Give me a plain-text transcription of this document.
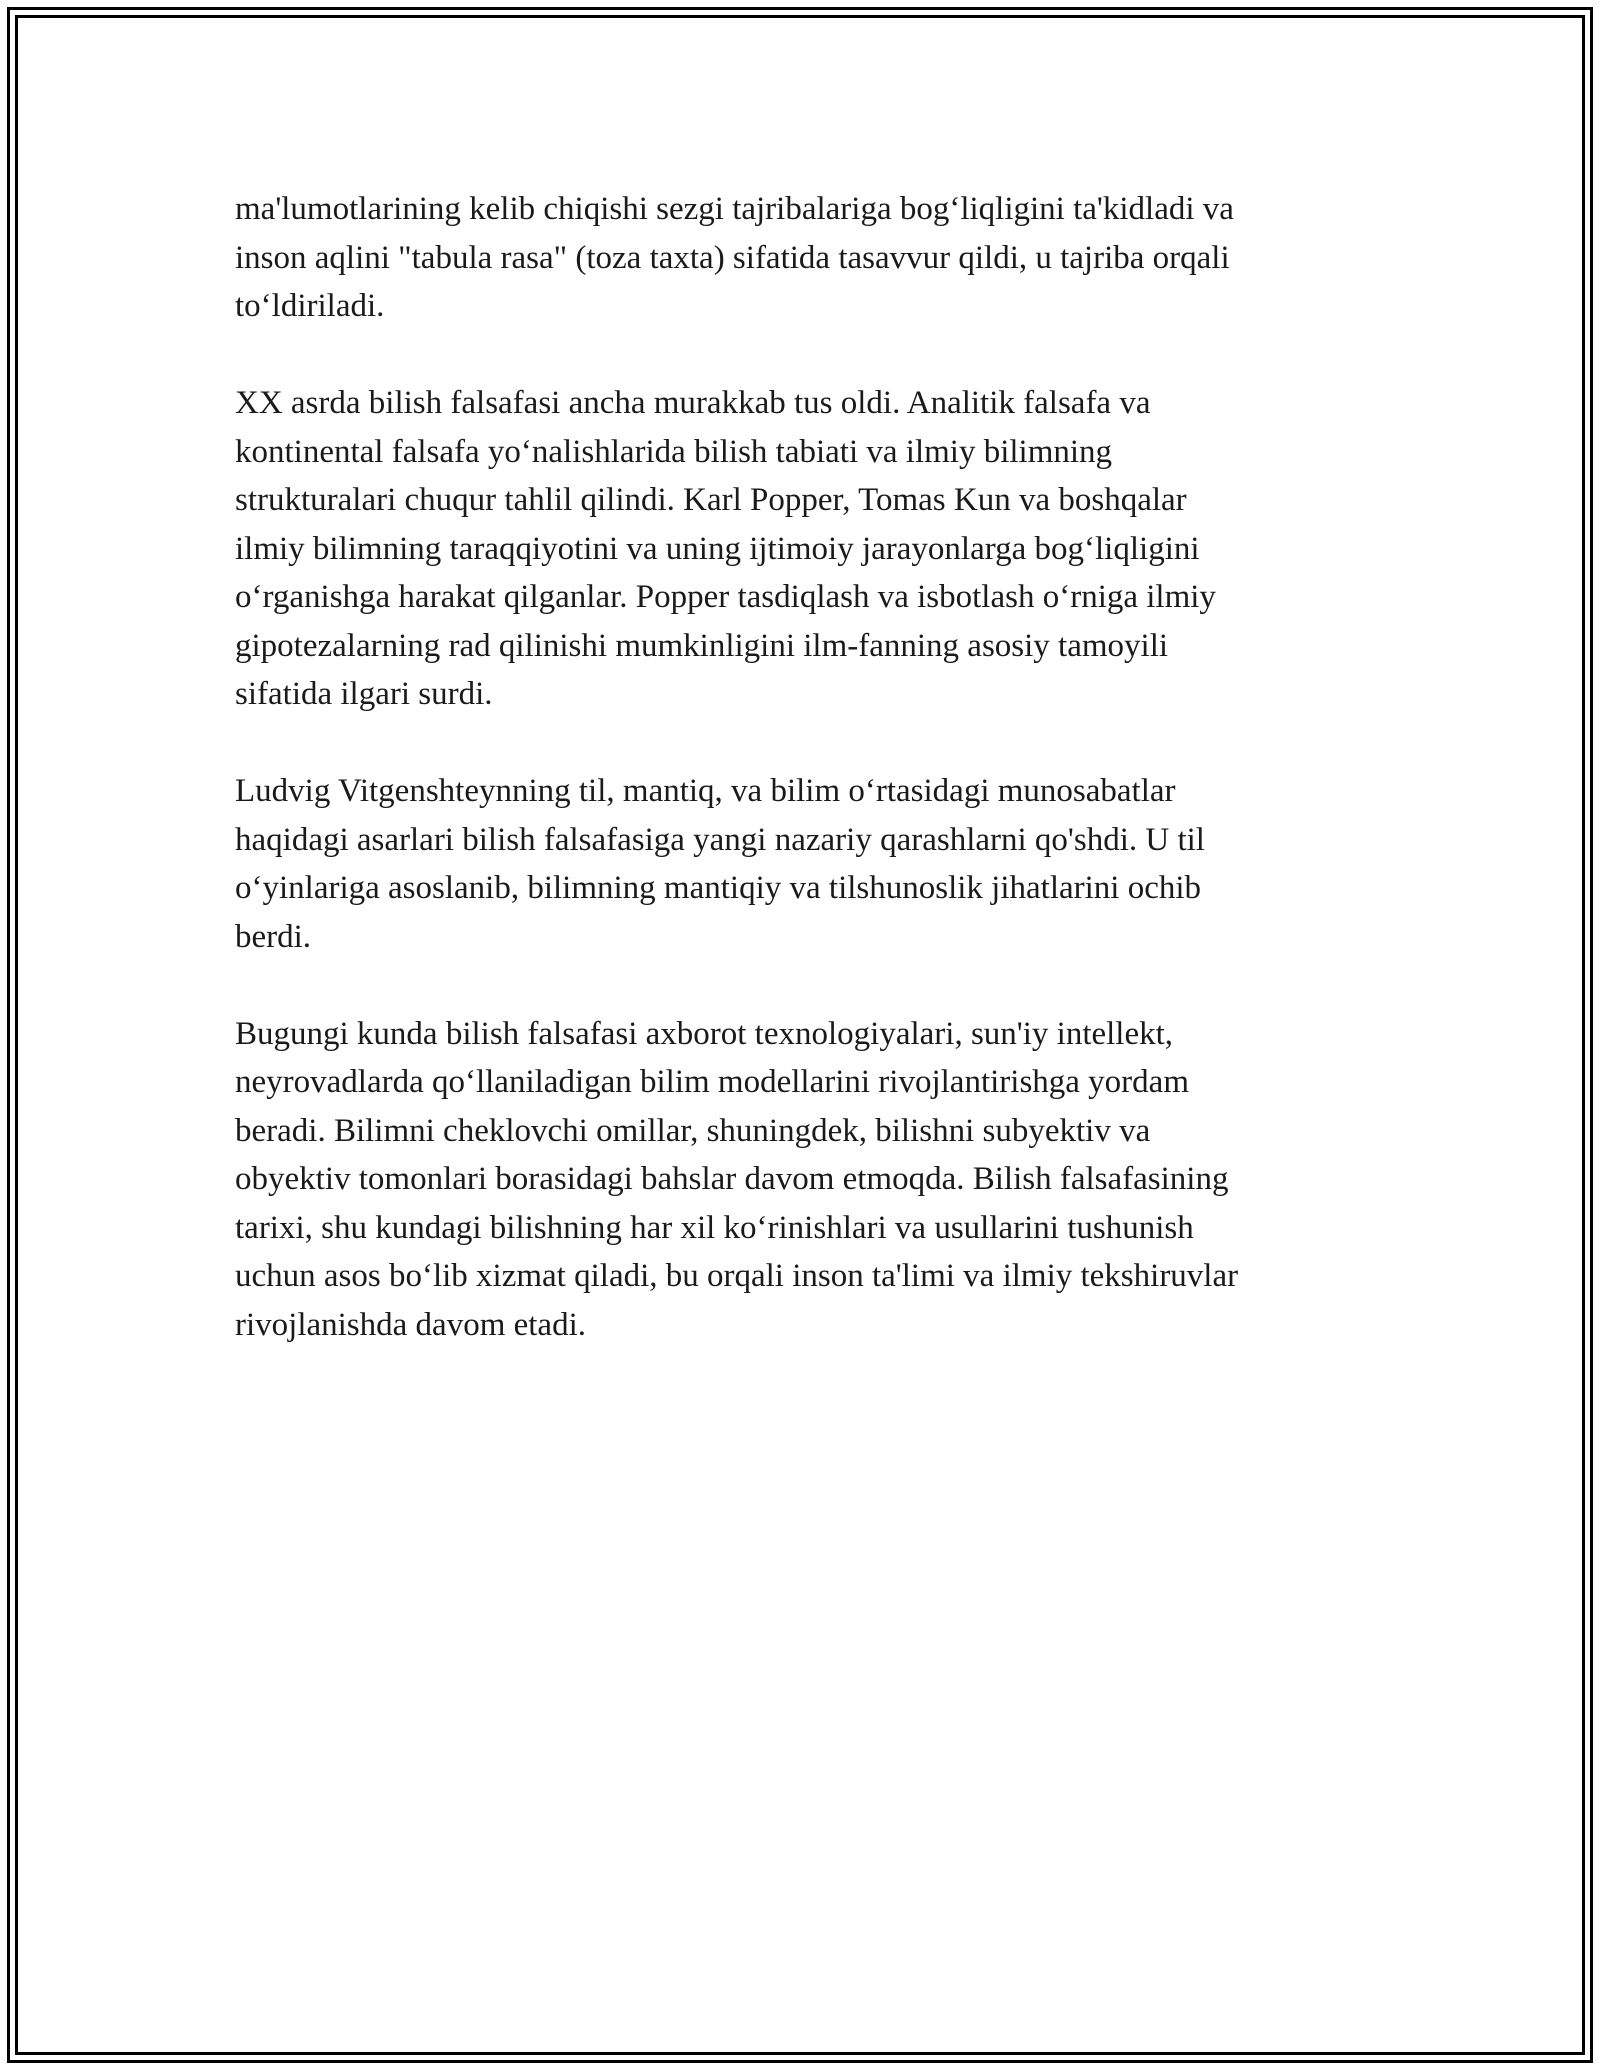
ma'lumotlarining kelib chiqishi sezgi tajribalariga bog‘liqligini ta'kidladi va
inson aqlini "tabula rasa" (toza taxta) sifatida tasavvur qildi, u tajriba orqali
to‘ldiriladi.

XX asrda bilish falsafasi ancha murakkab tus oldi. Analitik falsafa va
kontinental falsafa yo‘nalishlarida bilish tabiati va ilmiy bilimning
strukturalari chuqur tahlil qilindi. Karl Popper, Tomas Kun va boshqalar
ilmiy bilimning taraqqiyotini va uning ijtimoiy jarayonlarga bog‘liqligini
o‘rganishga harakat qilganlar. Popper tasdiqlash va isbotlash o‘rniga ilmiy
gipotezalarning rad qilinishi mumkinligini ilm-fanning asosiy tamoyili
sifatida ilgari surdi.

Ludvig Vitgenshteynning til, mantiq, va bilim o‘rtasidagi munosabatlar
haqidagi asarlari bilish falsafasiga yangi nazariy qarashlarni qo'shdi. U til
o‘yinlariga asoslanib, bilimning mantiqiy va tilshunoslik jihatlarini ochib
berdi.

Bugungi kunda bilish falsafasi axborot texnologiyalari, sun'iy intellekt,
neyrovadlarda qo‘llaniladigan bilim modellarini rivojlantirishga yordam
beradi. Bilimni cheklovchi omillar, shuningdek, bilishni subyektiv va
obyektiv tomonlari borasidagi bahslar davom etmoqda. Bilish falsafasining
tarixi, shu kundagi bilishning har xil ko‘rinishlari va usullarini tushunish
uchun asos bo‘lib xizmat qiladi, bu orqali inson ta'limi va ilmiy tekshiruvlar
rivojlanishda davom etadi.
